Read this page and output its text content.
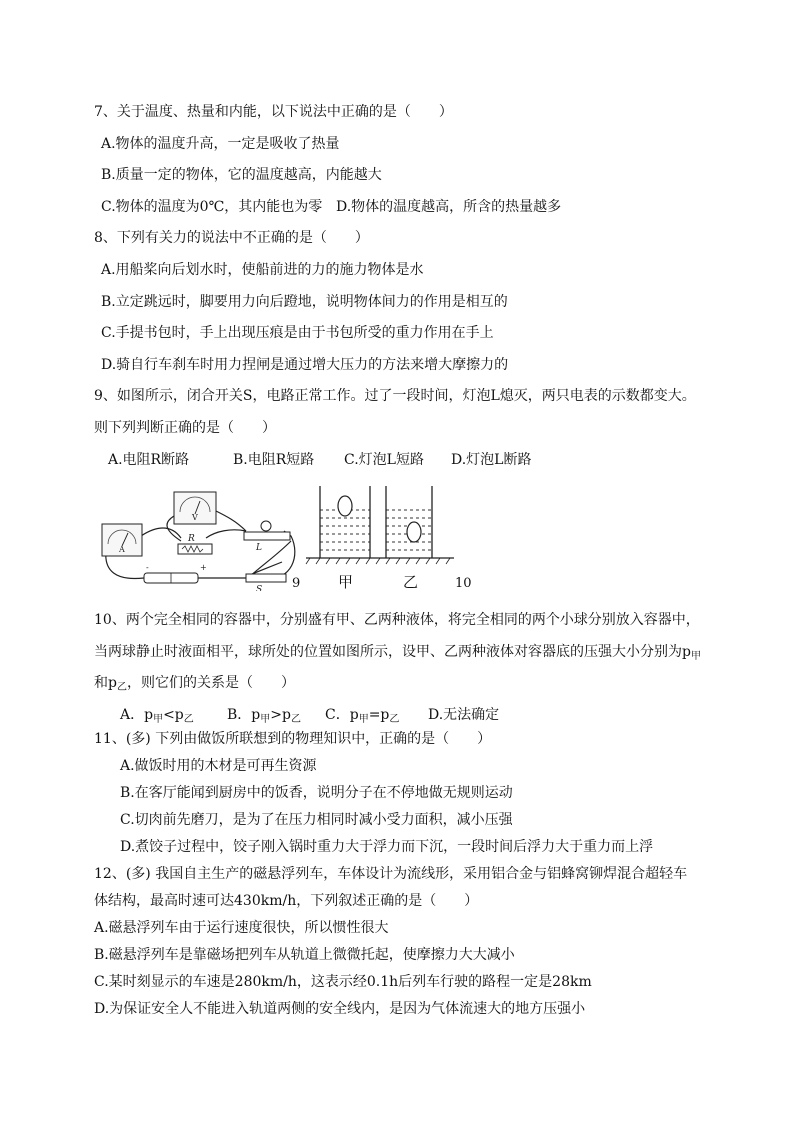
7、关于温度、热量和内能，以下说法中正确的是（　　）
A.物体的温度升高，一定是吸收了热量
B.质量一定的物体，它的温度越高，内能越大
C.物体的温度为0℃，其内能也为零 D.物体的温度越高，所含的热量越多
8、下列有关力的说法中不正确的是（　　）
A.用船桨向后划水时，使船前进的力的施力物体是水
B.立定跳远时，脚要用力向后蹬地，说明物体间力的作用是相互的
C.手提书包时，手上出现压痕是由于书包所受的重力作用在手上
D.骑自行车刹车时用力捏闸是通过增大压力的方法来增大摩擦力的
9、如图所示，闭合开关S，电路正常工作。过了一段时间，灯泡L熄灭，两只电表的示数都变大。
则下列判断正确的是（　　）
A.电阻R断路	B.电阻R短路 C.灯泡L短路 D.灯泡L断路
A
V
R
L
S
-	+
9	甲	乙	10
10、两个完全相同的容器中，分别盛有甲、乙两种液体，将完全相同的两个小球分别放入容器中，
当两球静止时液面相平，球所处的位置如图所示，设甲、乙两种液体对容器底的压强大小分别为$p_甲$
和$p_乙$，则它们的关系是（　　）
A．$p_甲<p_乙$ B．$p_甲>p_乙$ C．$p_甲=p_乙$ D.无法确定
11、(多) 下列由做饭所联想到的物理知识中，正确的是（　　）
A.做饭时用的木材是可再生资源
B.在客厅能闻到厨房中的饭香，说明分子在不停地做无规则运动
C.切肉前先磨刀，是为了在压力相同时减小受力面积，减小压强
D.煮饺子过程中，饺子刚入锅时重力大于浮力而下沉，一段时间后浮力大于重力而上浮
12、(多) 我国自主生产的磁悬浮列车，车体设计为流线形，采用铝合金与铝蜂窝铆焊混合超轻车
体结构，最高时速可达430km/h，下列叙述正确的是（　　）
A.磁悬浮列车由于运行速度很快，所以惯性很大
B.磁悬浮列车是靠磁场把列车从轨道上微微托起，使摩擦力大大减小
C.某时刻显示的车速是280km/h，这表示经0.1h后列车行驶的路程一定是28km
D.为保证安全人不能进入轨道两侧的安全线内，是因为气体流速大的地方压强小
